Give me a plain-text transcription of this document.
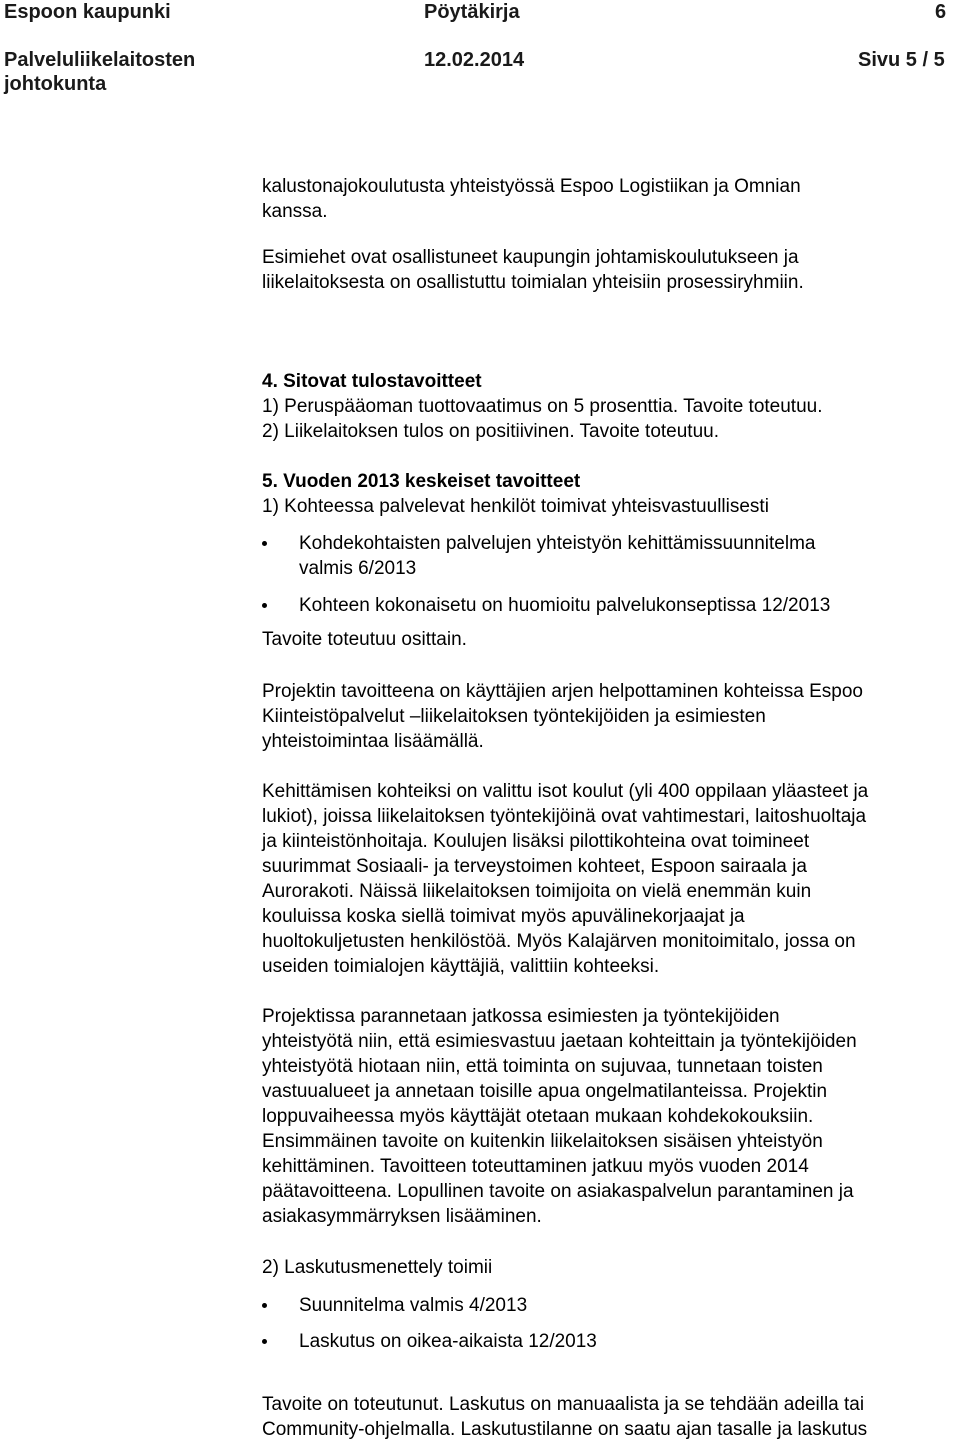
Espoon kaupunki	Pöytäkirja	6
Palveluliikelaitosten
johtokunta
12.02.2014	Sivu 5 / 5
kalustonajokoulutusta yhteistyössä Espoo Logistiikan ja Omnian
kanssa.
Esimiehet ovat osallistuneet kaupungin johtamiskoulutukseen ja
liikelaitoksesta on osallistuttu toimialan yhteisiin prosessiryhmiin.
4. Sitovat tulostavoitteet
1) Peruspääoman tuottovaatimus on 5 prosenttia. Tavoite toteutuu.
2) Liikelaitoksen tulos on positiivinen. Tavoite toteutuu.
5. Vuoden 2013 keskeiset tavoitteet
1) Kohteessa palvelevat henkilöt toimivat yhteisvastuullisesti
Kohdekohtaisten palvelujen yhteistyön kehittämissuunnitelma
valmis 6/2013
Kohteen kokonaisetu on huomioitu palvelukonseptissa 12/2013
Tavoite toteutuu osittain.
Projektin tavoitteena on käyttäjien arjen helpottaminen kohteissa Espoo
Kiinteistöpalvelut –liikelaitoksen työntekijöiden ja esimiesten
yhteistoimintaa lisäämällä.
Kehittämisen kohteiksi on valittu isot koulut (yli 400 oppilaan yläasteet ja
lukiot), joissa liikelaitoksen työntekijöinä ovat vahtimestari, laitoshuoltaja
ja kiinteistönhoitaja. Koulujen lisäksi pilottikohteina ovat toimineet
suurimmat Sosiaali- ja terveystoimen kohteet, Espoon sairaala ja
Aurorakoti. Näissä liikelaitoksen toimijoita on vielä enemmän kuin
kouluissa koska siellä toimivat myös apuvälinekorjaajat ja
huoltokuljetusten henkilöstöä. Myös Kalajärven monitoimitalo, jossa on
useiden toimialojen käyttäjiä, valittiin kohteeksi.
Projektissa parannetaan jatkossa esimiesten ja työntekijöiden
yhteistyötä niin, että esimiesvastuu jaetaan kohteittain ja työntekijöiden
yhteistyötä hiotaan niin, että toiminta on sujuvaa, tunnetaan toisten
vastuualueet ja annetaan toisille apua ongelmatilanteissa. Projektin
loppuvaiheessa myös käyttäjät otetaan mukaan kohdekokouksiin.
Ensimmäinen tavoite on kuitenkin liikelaitoksen sisäisen yhteistyön
kehittäminen. Tavoitteen toteuttaminen jatkuu myös vuoden 2014
päätavoitteena. Lopullinen tavoite on asiakaspalvelun parantaminen ja
asiakasymmärryksen lisääminen.
2) Laskutusmenettely toimii
Suunnitelma valmis 4/2013
Laskutus on oikea-aikaista 12/2013
Tavoite on toteutunut. Laskutus on manuaalista ja se tehdään adeilla tai
Community-ohjelmalla. Laskutustilanne on saatu ajan tasalle ja laskutus
